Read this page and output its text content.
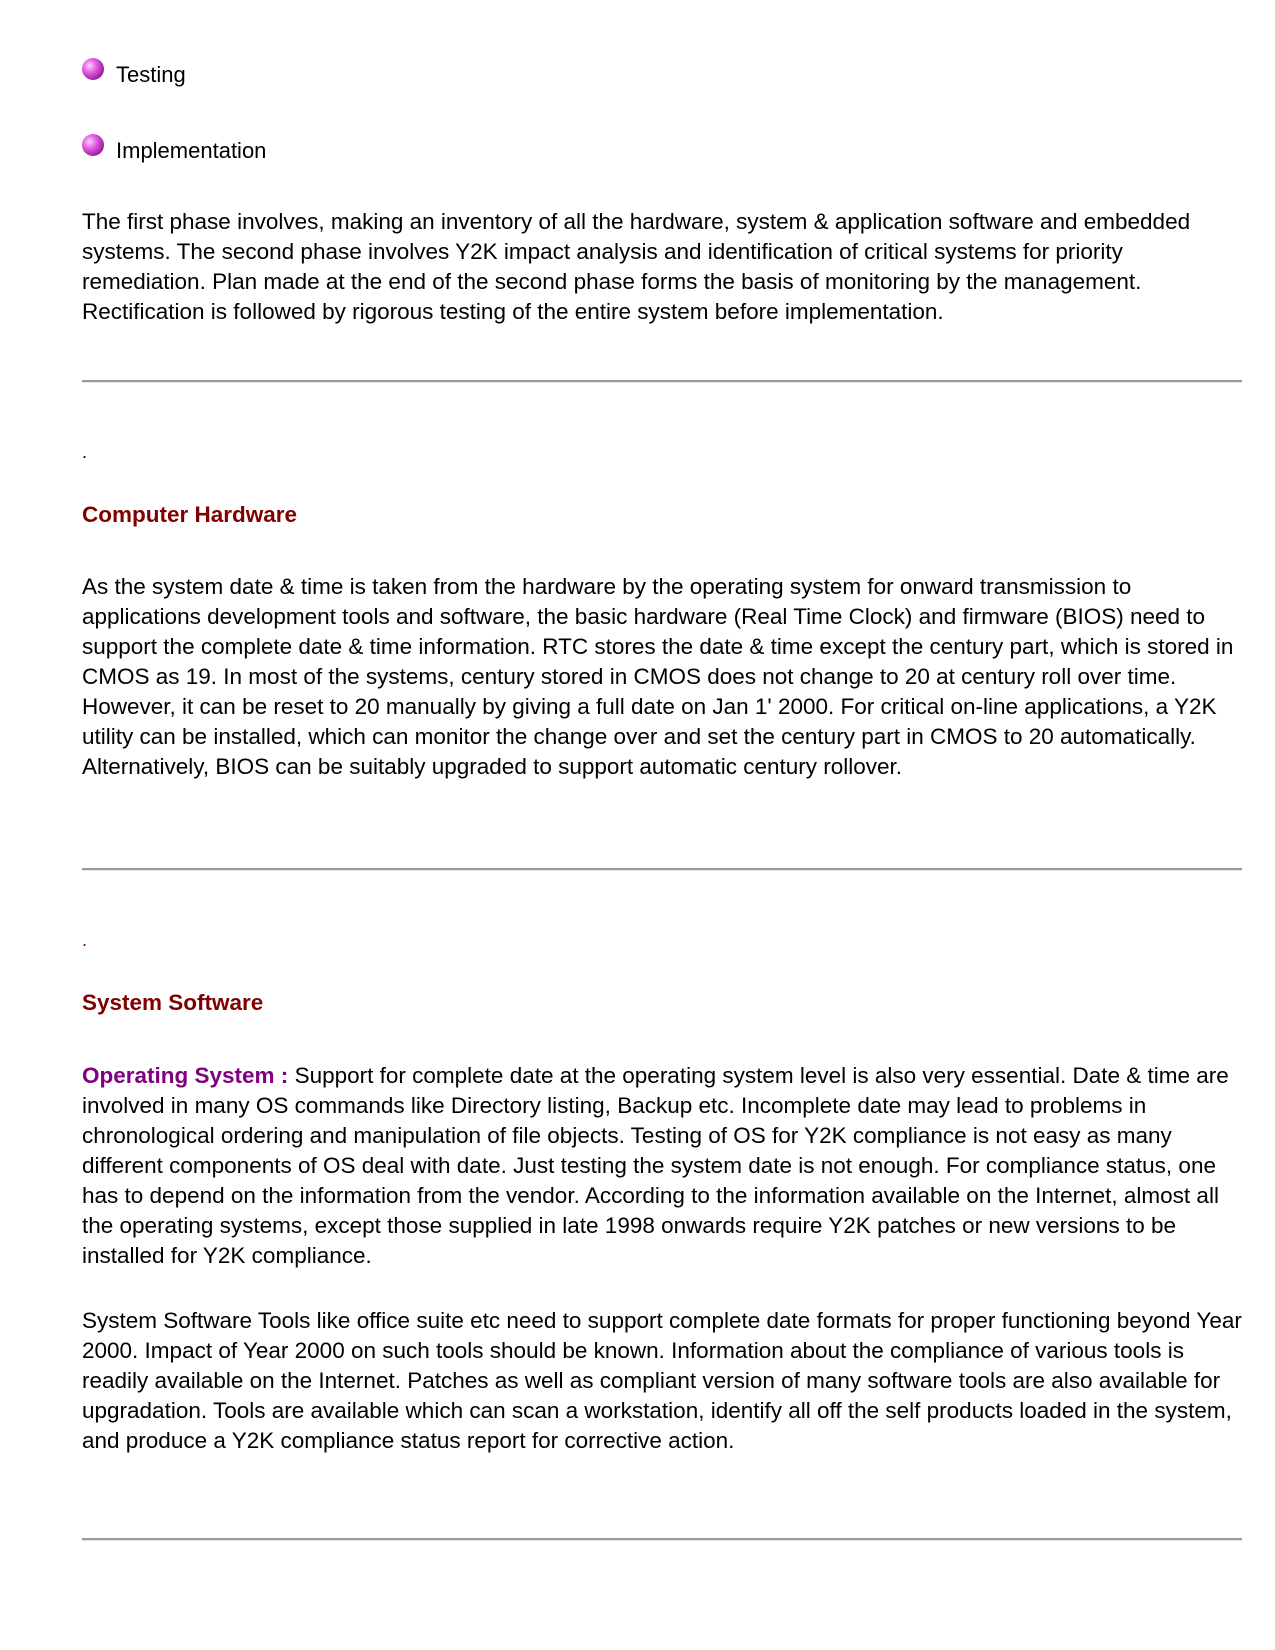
Testing
Implementation

The first phase involves, making an inventory of all the hardware, system & application software and embedded systems. The second phase involves Y2K impact analysis and identification of critical systems for priority remediation. Plan made at the end of the second phase forms the basis of monitoring by the management. Rectification is followed by rigorous testing of the entire system before implementation.

.
Computer Hardware

As the system date & time is taken from the hardware by the operating system for onward transmission to applications development tools and software, the basic hardware (Real Time Clock) and firmware (BIOS) need to support the complete date & time information. RTC stores the date & time except the century part, which is stored in CMOS as 19. In most of the systems, century stored in CMOS does not change to 20 at century roll over time. However, it can be reset to 20 manually by giving a full date on Jan 1' 2000. For critical on-line applications, a Y2K utility can be installed, which can monitor the change over and set the century part in CMOS to 20 automatically. Alternatively, BIOS can be suitably upgraded to support automatic century rollover.

.
System Software

Operating System : Support for complete date at the operating system level is also very essential. Date & time are involved in many OS commands like Directory listing, Backup etc. Incomplete date may lead to problems in chronological ordering and manipulation of file objects. Testing of OS for Y2K compliance is not easy as many different components of OS deal with date. Just testing the system date is not enough. For compliance status, one has to depend on the information from the vendor. According to the information available on the Internet, almost all the operating systems, except those supplied in late 1998 onwards require Y2K patches or new versions to be installed for Y2K compliance.

System Software Tools like office suite etc need to support complete date formats for proper functioning beyond Year 2000. Impact of Year 2000 on such tools should be known. Information about the compliance of various tools is readily available on the Internet. Patches as well as compliant version of many software tools are also available for upgradation. Tools are available which can scan a workstation, identify all off the self products loaded in the system, and produce a Y2K compliance status report for corrective action.
